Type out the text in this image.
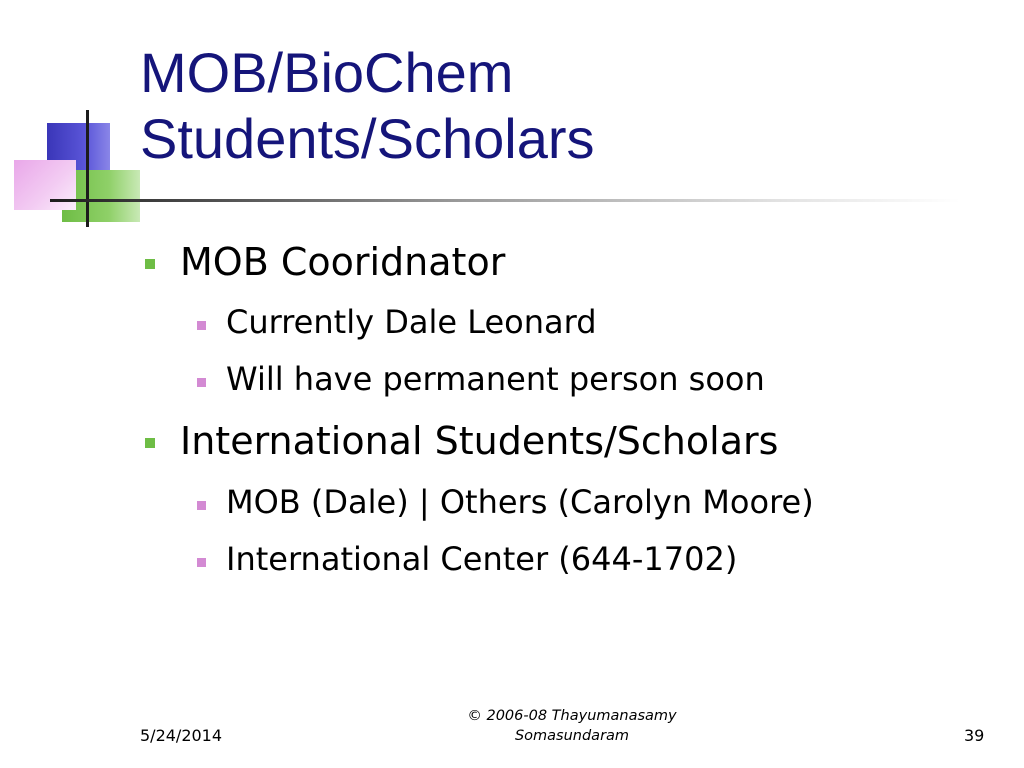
MOB/BioChem
Students/Scholars
MOB Cooridnator
Currently Dale Leonard
Will have permanent person soon
International Students/Scholars
MOB (Dale) | Others (Carolyn Moore)
International Center (644-1702)
5/24/2014
© 2006-08 Thayumanasamy
Somasundaram	39
